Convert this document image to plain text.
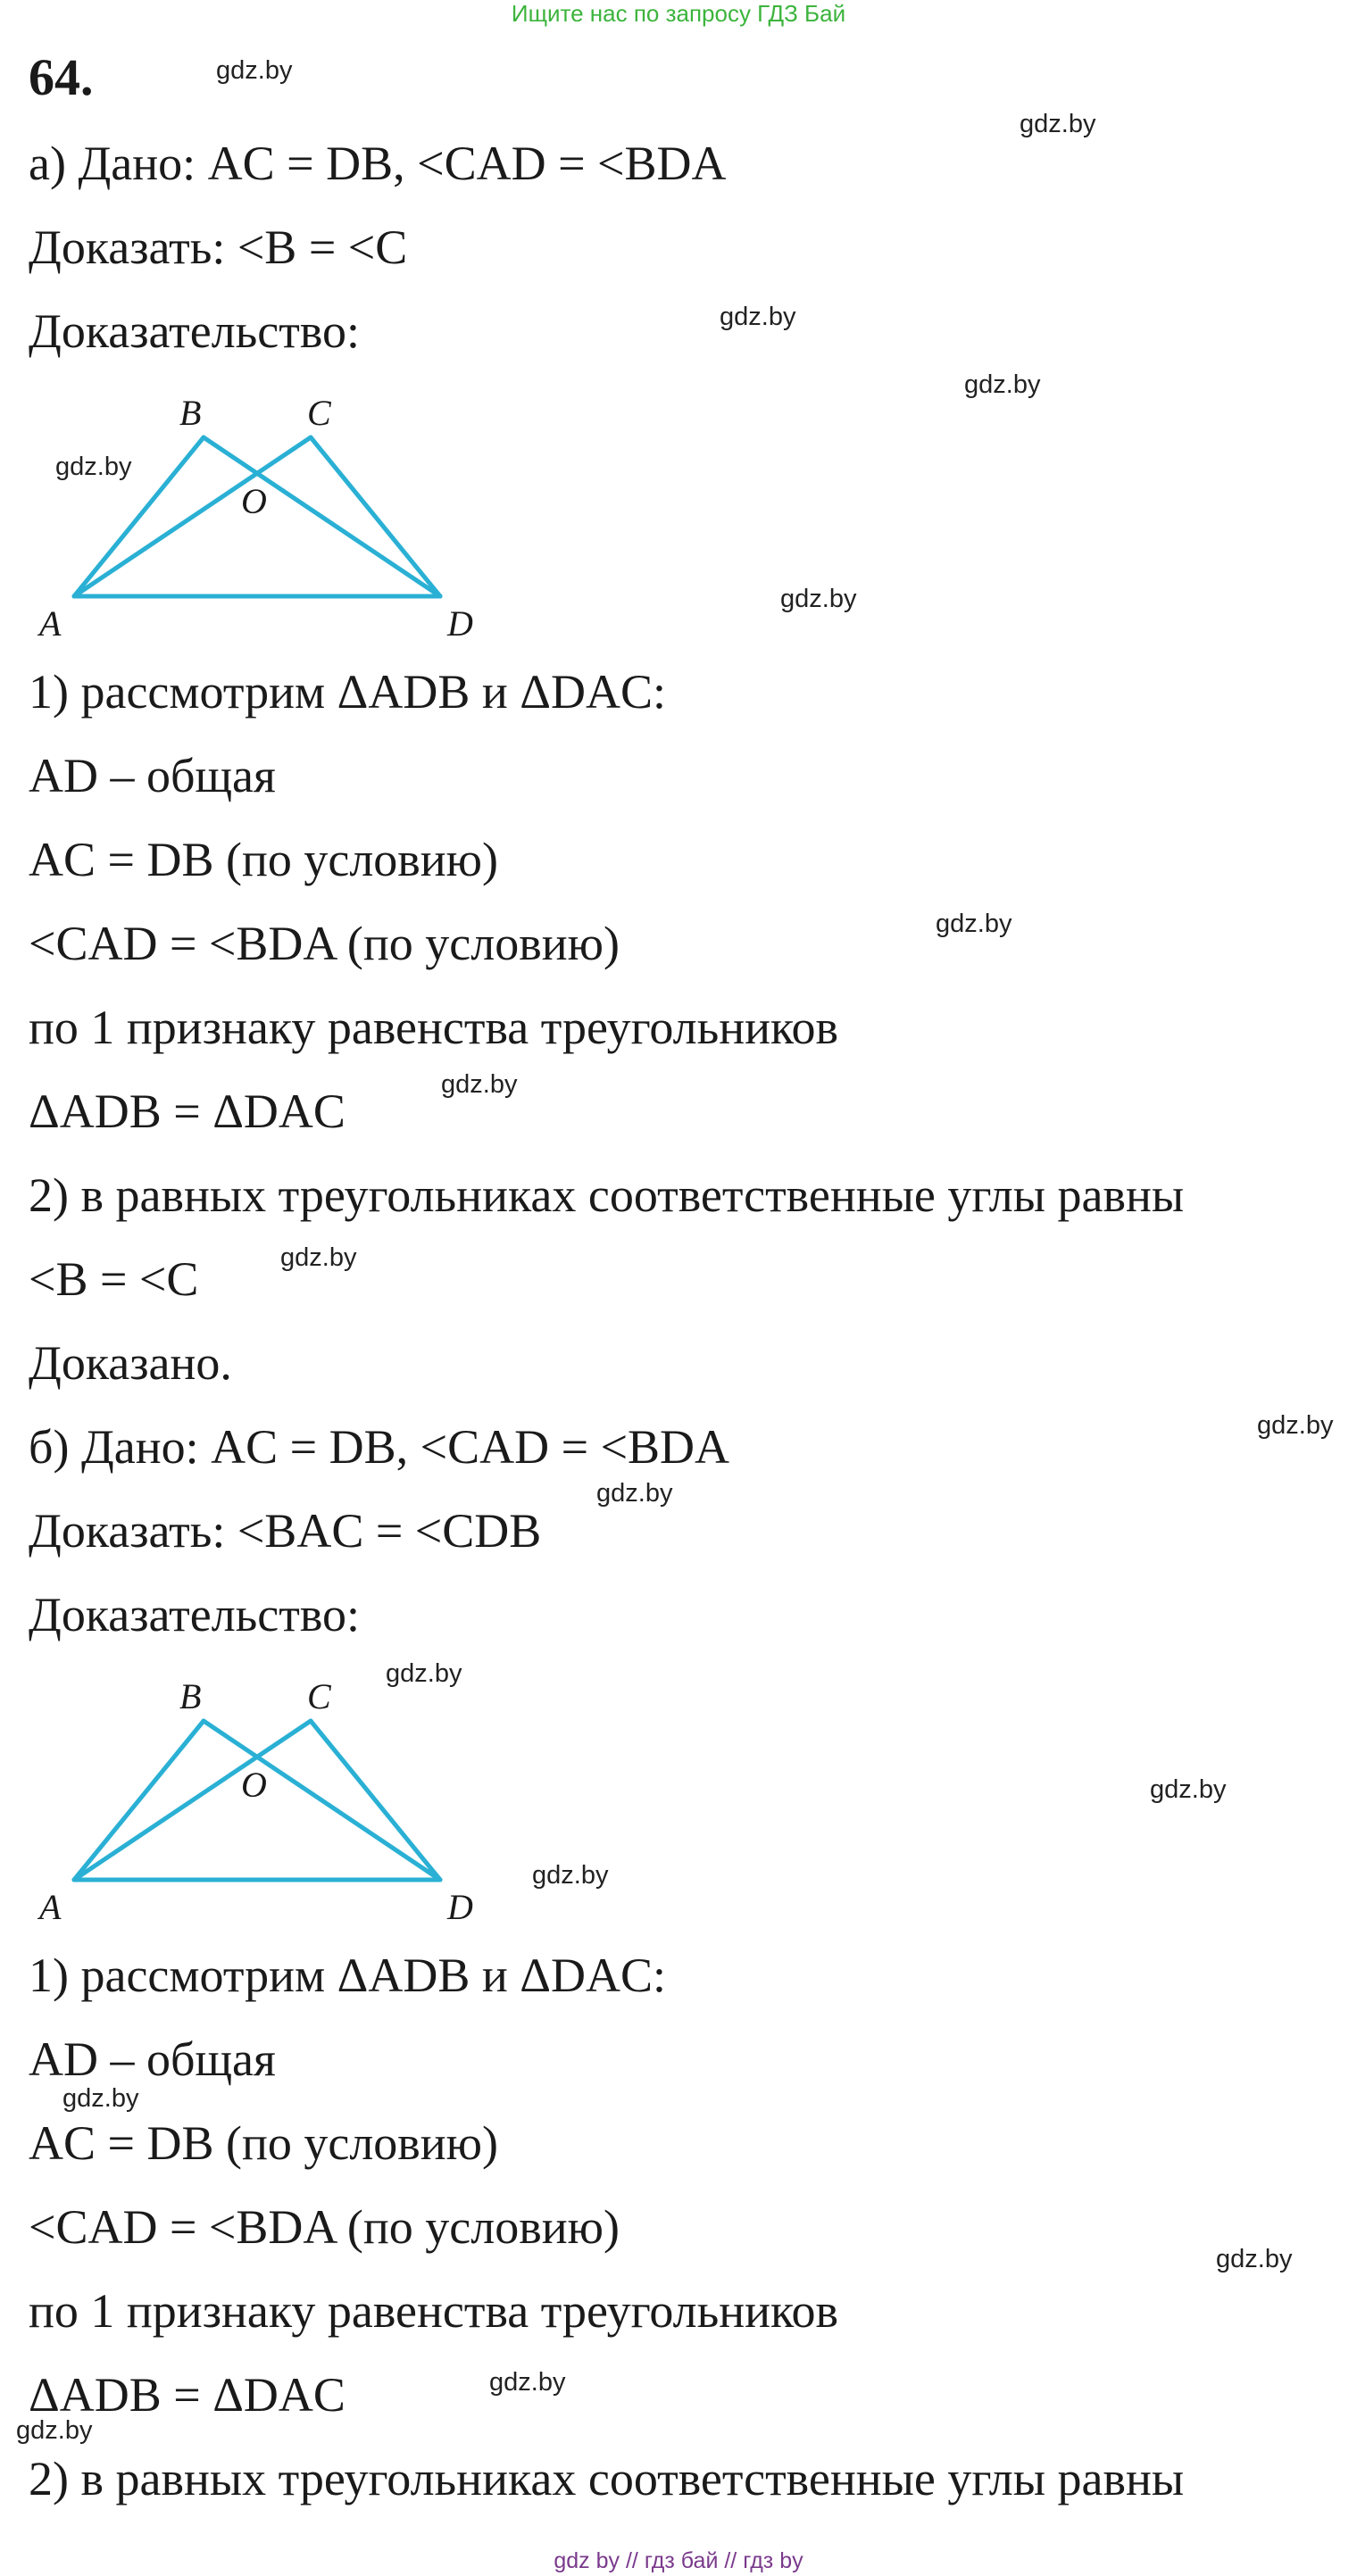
Ищите нас по запросу ГДЗ Бай
64.
а) Дано: AC = DB, <CAD = <BDA
Доказать: <B = <C
Доказательство:
B	C
O
A	D
1) рассмотрим ΔADB и ΔDAC:
AD – общая
AC = DB (по условию)
<CAD = <BDA (по условию)
по 1 признаку равенства треугольников
ΔADB = ΔDAC
2) в равных треугольниках соответственные углы равны
<B = <C
Доказано.
б) Дано: AC = DB, <CAD = <BDA
Доказать: <BAC = <CDB
Доказательство:
B	C
O
A	D
1) рассмотрим ΔADB и ΔDAC:
AD – общая
AC = DB (по условию)
<CAD = <BDA (по условию)
по 1 признаку равенства треугольников
ΔADB = ΔDAC
2) в равных треугольниках соответственные углы равны
gdz.by
gdz.by
gdz.by
gdz.by
gdz.by
gdz.by
gdz.by
gdz.by
gdz.by
gdz.by
gdz.by
gdz.by
gdz.by
gdz.by
gdz.by
gdz.by
gdz.by
gdz.by
gdz by // гдз бай // гдз by
